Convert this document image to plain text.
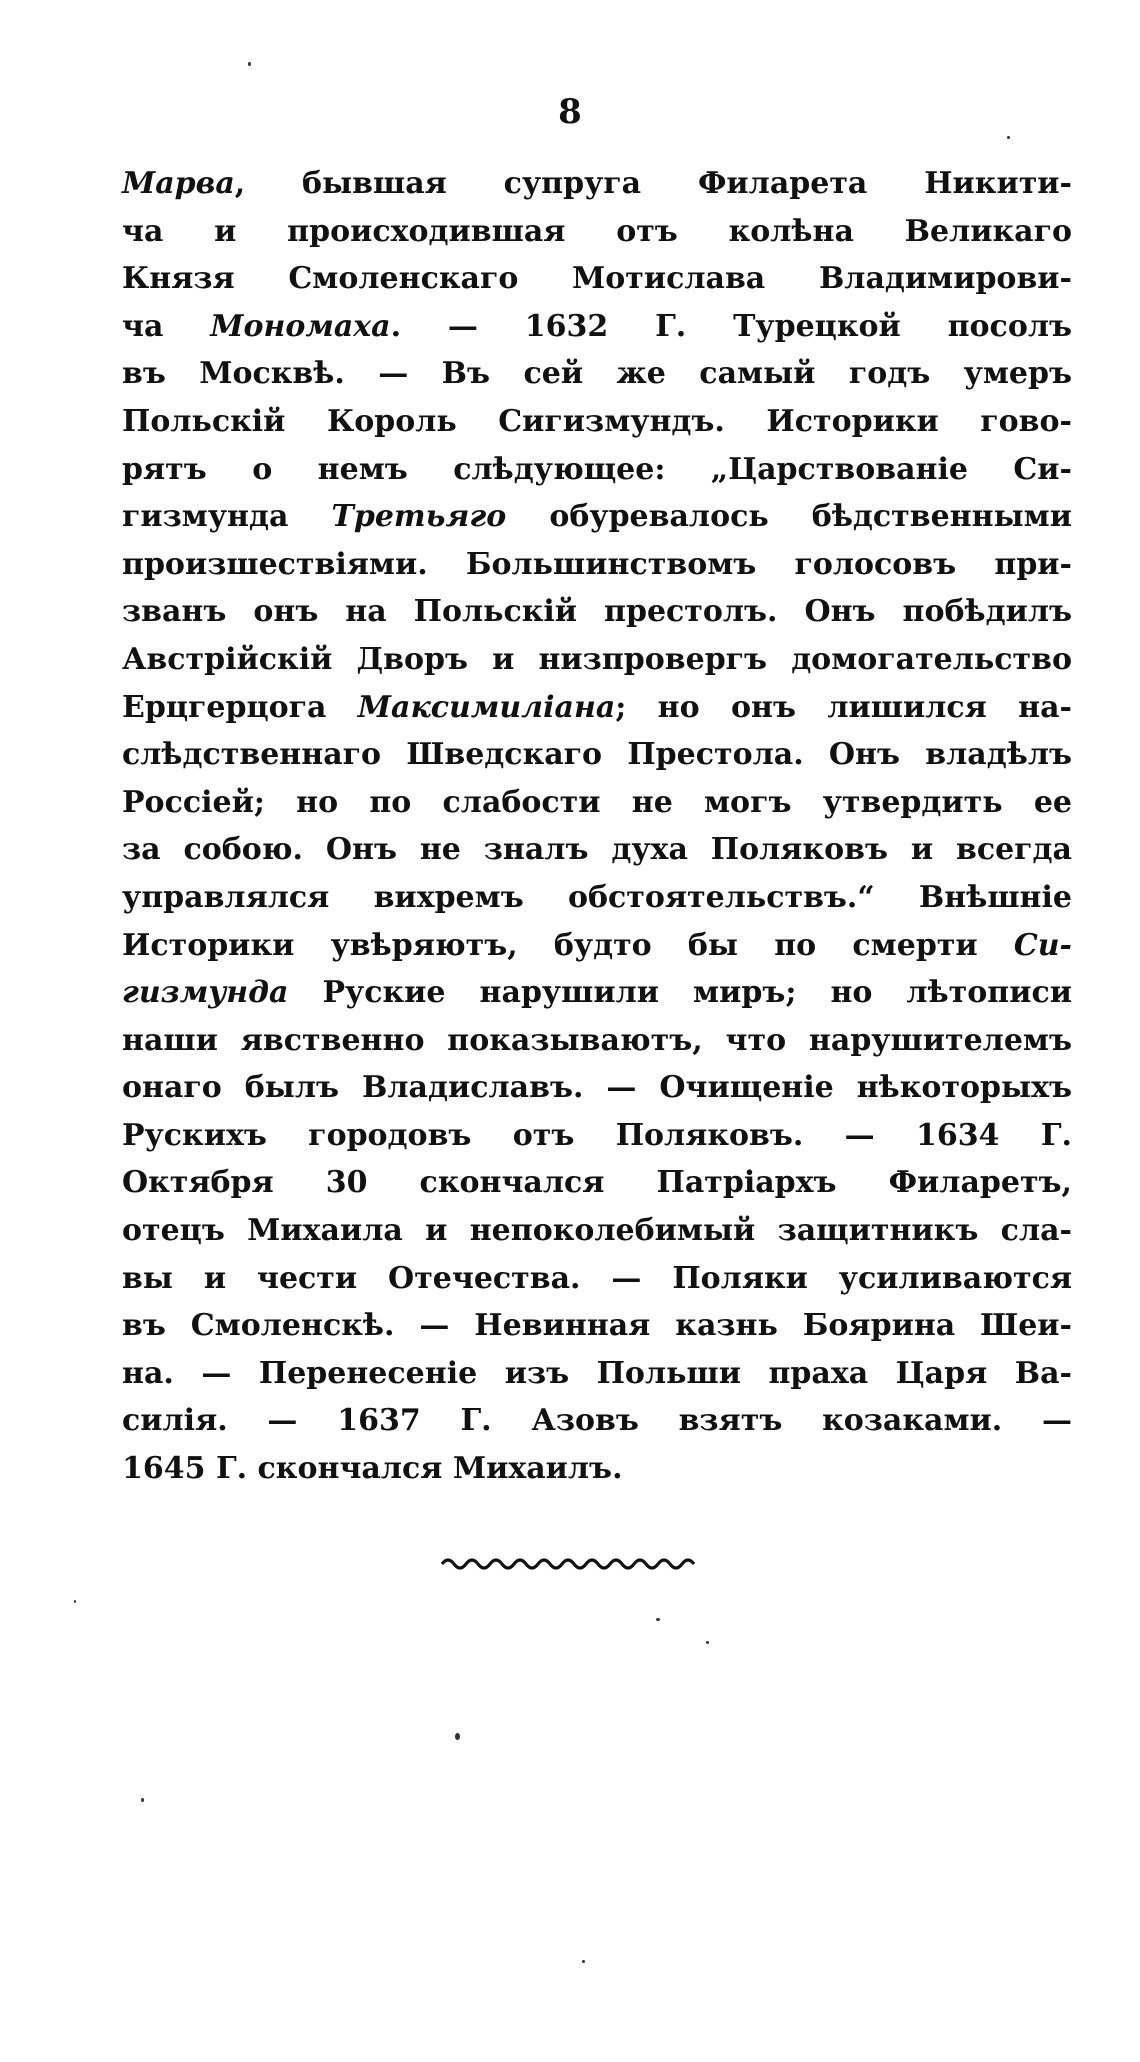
8
Марва, бывшая супруга Филарета Никити-
ча и происходившая отъ колѣна Великаго
Князя Смоленскаго Мотислава Владимирови-
ча Мономаха. — 1632 Г. Турецкой посолъ
въ Москвѣ. — Въ сей же самый годъ умеръ
Польскій Король Сигизмундъ. Историки гово-
рятъ о немъ слѣдующее: „Царствованіе Си-
гизмунда Третьяго обуревалось бѣдственными
произшествіями. Большинствомъ голосовъ при-
званъ онъ на Польскій престолъ. Онъ побѣдилъ
Австрійскій Дворъ и низпровергъ домогательство
Ерцгерцога Максимиліана; но онъ лишился на-
слѣдственнаго Шведскаго Престола. Онъ владѣлъ
Россіей; но по слабости не могъ утвердить ее
за собою. Онъ не зналъ духа Поляковъ и всегда
управлялся вихремъ обстоятельствъ.“ Внѣшніе
Историки увѣряютъ, будто бы по смерти Си-
гизмунда Руские нарушили миръ; но лѣтописи
наши явственно показываютъ, что нарушителемъ
онаго былъ Владиславъ. — Очищеніе нѣкоторыхъ
Рускихъ городовъ отъ Поляковъ. — 1634 Г.
Октября 30 скончался Патріархъ Филаретъ,
отецъ Михаила и непоколебимый защитникъ сла-
вы и чести Отечества. — Поляки усиливаются
въ Смоленскѣ. — Невинная казнь Боярина Шеи-
на. — Перенесеніе изъ Польши праха Царя Ва-
силія. — 1637 Г. Азовъ взятъ козаками. —
1645 Г. скончался Михаилъ.
